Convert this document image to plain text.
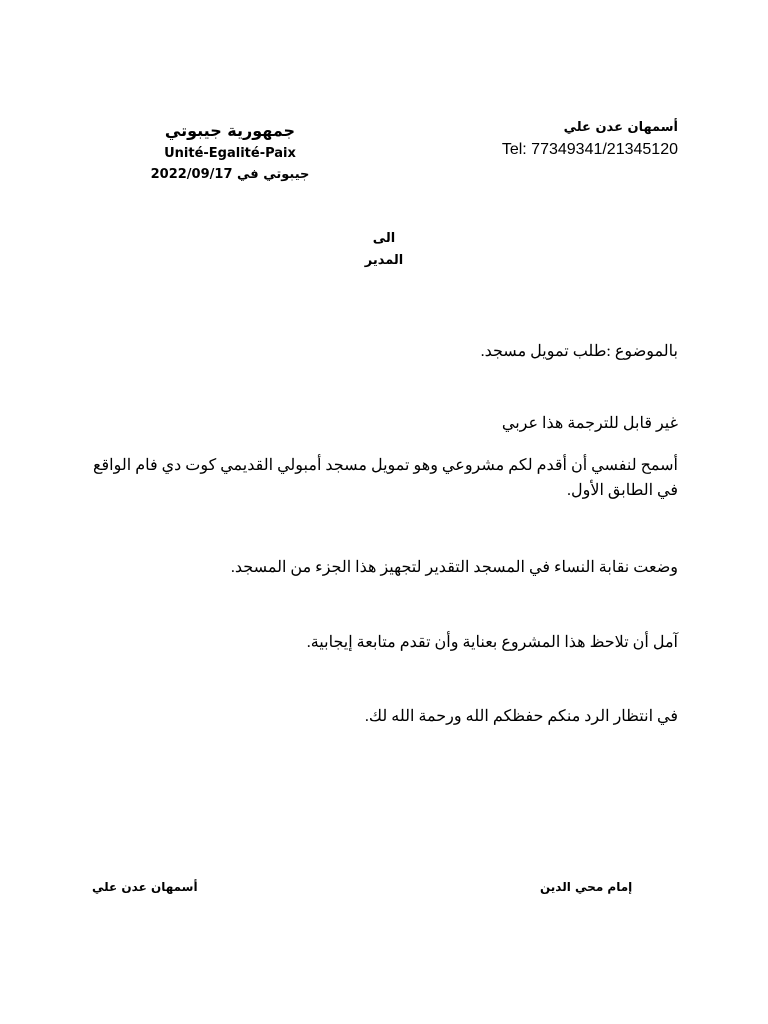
أسمهان عدن علي
Tel: 77349341/21345120
جمهورية جيبوتي
Unité-Egalité-Paix
جيبوتي في 2022/09/17
الى
المدير
بالموضوع :طلب تمويل مسجد.
غير قابل للترجمة هذا عربي
أسمح لنفسي أن أقدم لكم مشروعي وهو تمويل مسجد أمبولي القديمي كوت دي فام الواقع
في الطابق الأول.
وضعت نقابة النساء في المسجد التقدير لتجهيز هذا الجزء من المسجد.
آمل أن تلاحظ هذا المشروع بعناية وأن تقدم متابعة إيجابية.
في انتظار الرد منكم حفظكم الله ورحمة الله لك.
إمام محي الدين
أسمهان عدن علي
